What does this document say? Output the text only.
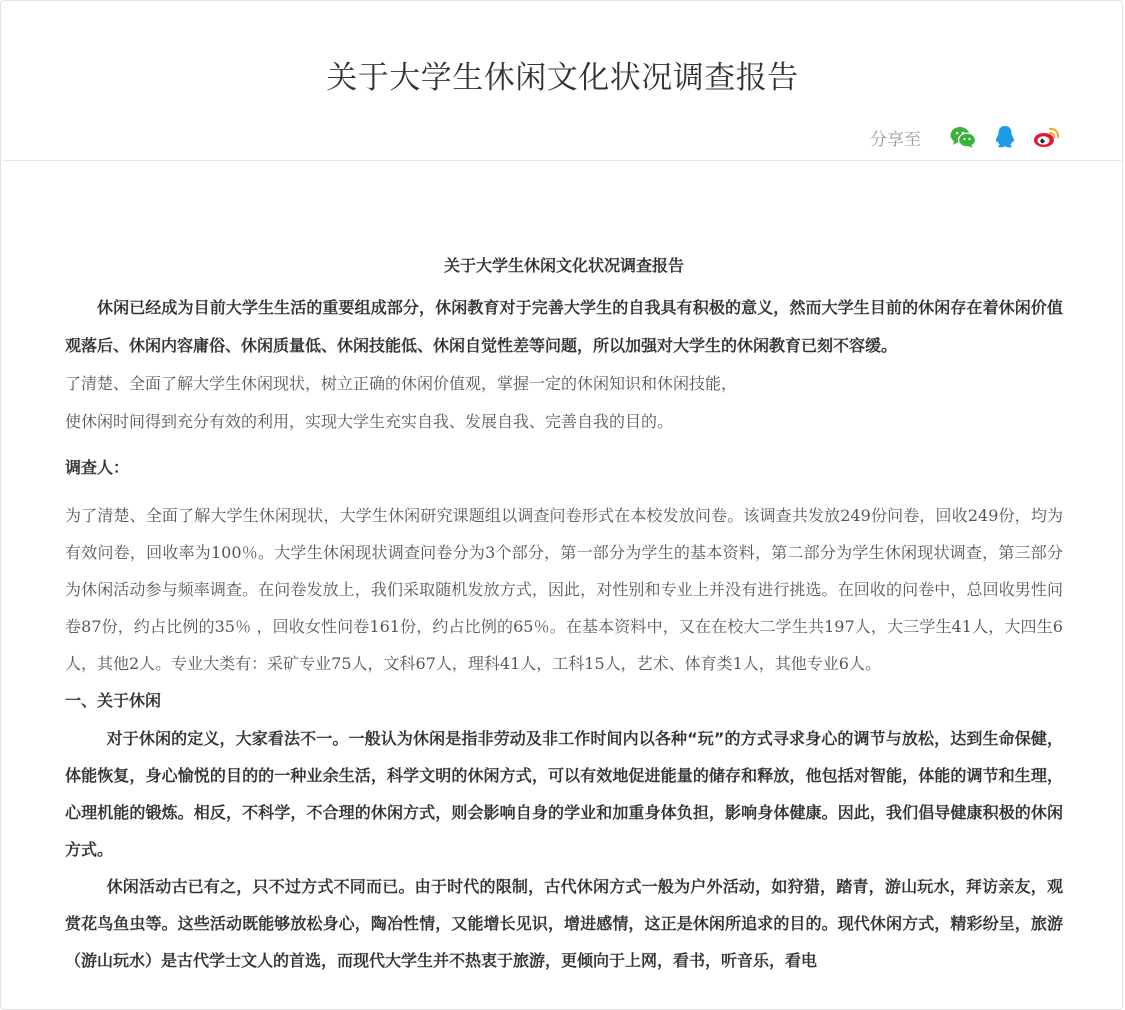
关于大学生休闲文化状况调查报告
分享至

关于大学生休闲文化状况调查报告

休闲已经成为目前大学生生活的重要组成部分，休闲教育对于完善大学生的自我具有积极的意义，然而大学生目前的休闲存在着休闲价值观落后、休闲内容庸俗、休闲质量低、休闲技能低、休闲自觉性差等问题，所以加强对大学生的休闲教育已刻不容缓。

了清楚、全面了解大学生休闲现状，树立正确的休闲价值观，掌握一定的休闲知识和休闲技能，

使休闲时间得到充分有效的利用，实现大学生充实自我、发展自我、完善自我的目的。

调查人：

为了清楚、全面了解大学生休闲现状，大学生休闲研究课题组以调查问卷形式在本校发放问卷。该调查共发放249份问卷，回收249份，均为有效问卷，回收率为100％。大学生休闲现状调查问卷分为3个部分，第一部分为学生的基本资料，第二部分为学生休闲现状调查，第三部分为休闲活动参与频率调查。在问卷发放上，我们采取随机发放方式，因此，对性别和专业上并没有进行挑选。在回收的问卷中，总回收男性问卷87份，约占比例的35％ ，回收女性问卷161份，约占比例的65％。在基本资料中，又在在校大二学生共197人，大三学生41人，大四生6人，其他2人。专业大类有：采矿专业75人，文科67人，理科41人，工科15人，艺术、体育类1人，其他专业6人。

一、关于休闲

对于休闲的定义，大家看法不一。一般认为休闲是指非劳动及非工作时间内以各种“玩”的方式寻求身心的调节与放松，达到生命保健，体能恢复，身心愉悦的目的的一种业余生活，科学文明的休闲方式，可以有效地促进能量的储存和释放，他包括对智能，体能的调节和生理，心理机能的锻炼。相反，不科学，不合理的休闲方式，则会影响自身的学业和加重身体负担，影响身体健康。因此，我们倡导健康积极的休闲方式。

休闲活动古已有之，只不过方式不同而已。由于时代的限制，古代休闲方式一般为户外活动，如狩猎，踏青，游山玩水，拜访亲友，观赏花鸟鱼虫等。这些活动既能够放松身心，陶冶性情，又能增长见识，增进感情，这正是休闲所追求的目的。现代休闲方式，精彩纷呈，旅游（游山玩水）是古代学士文人的首选，而现代大学生并不热衷于旅游，更倾向于上网，看书，听音乐，看电
